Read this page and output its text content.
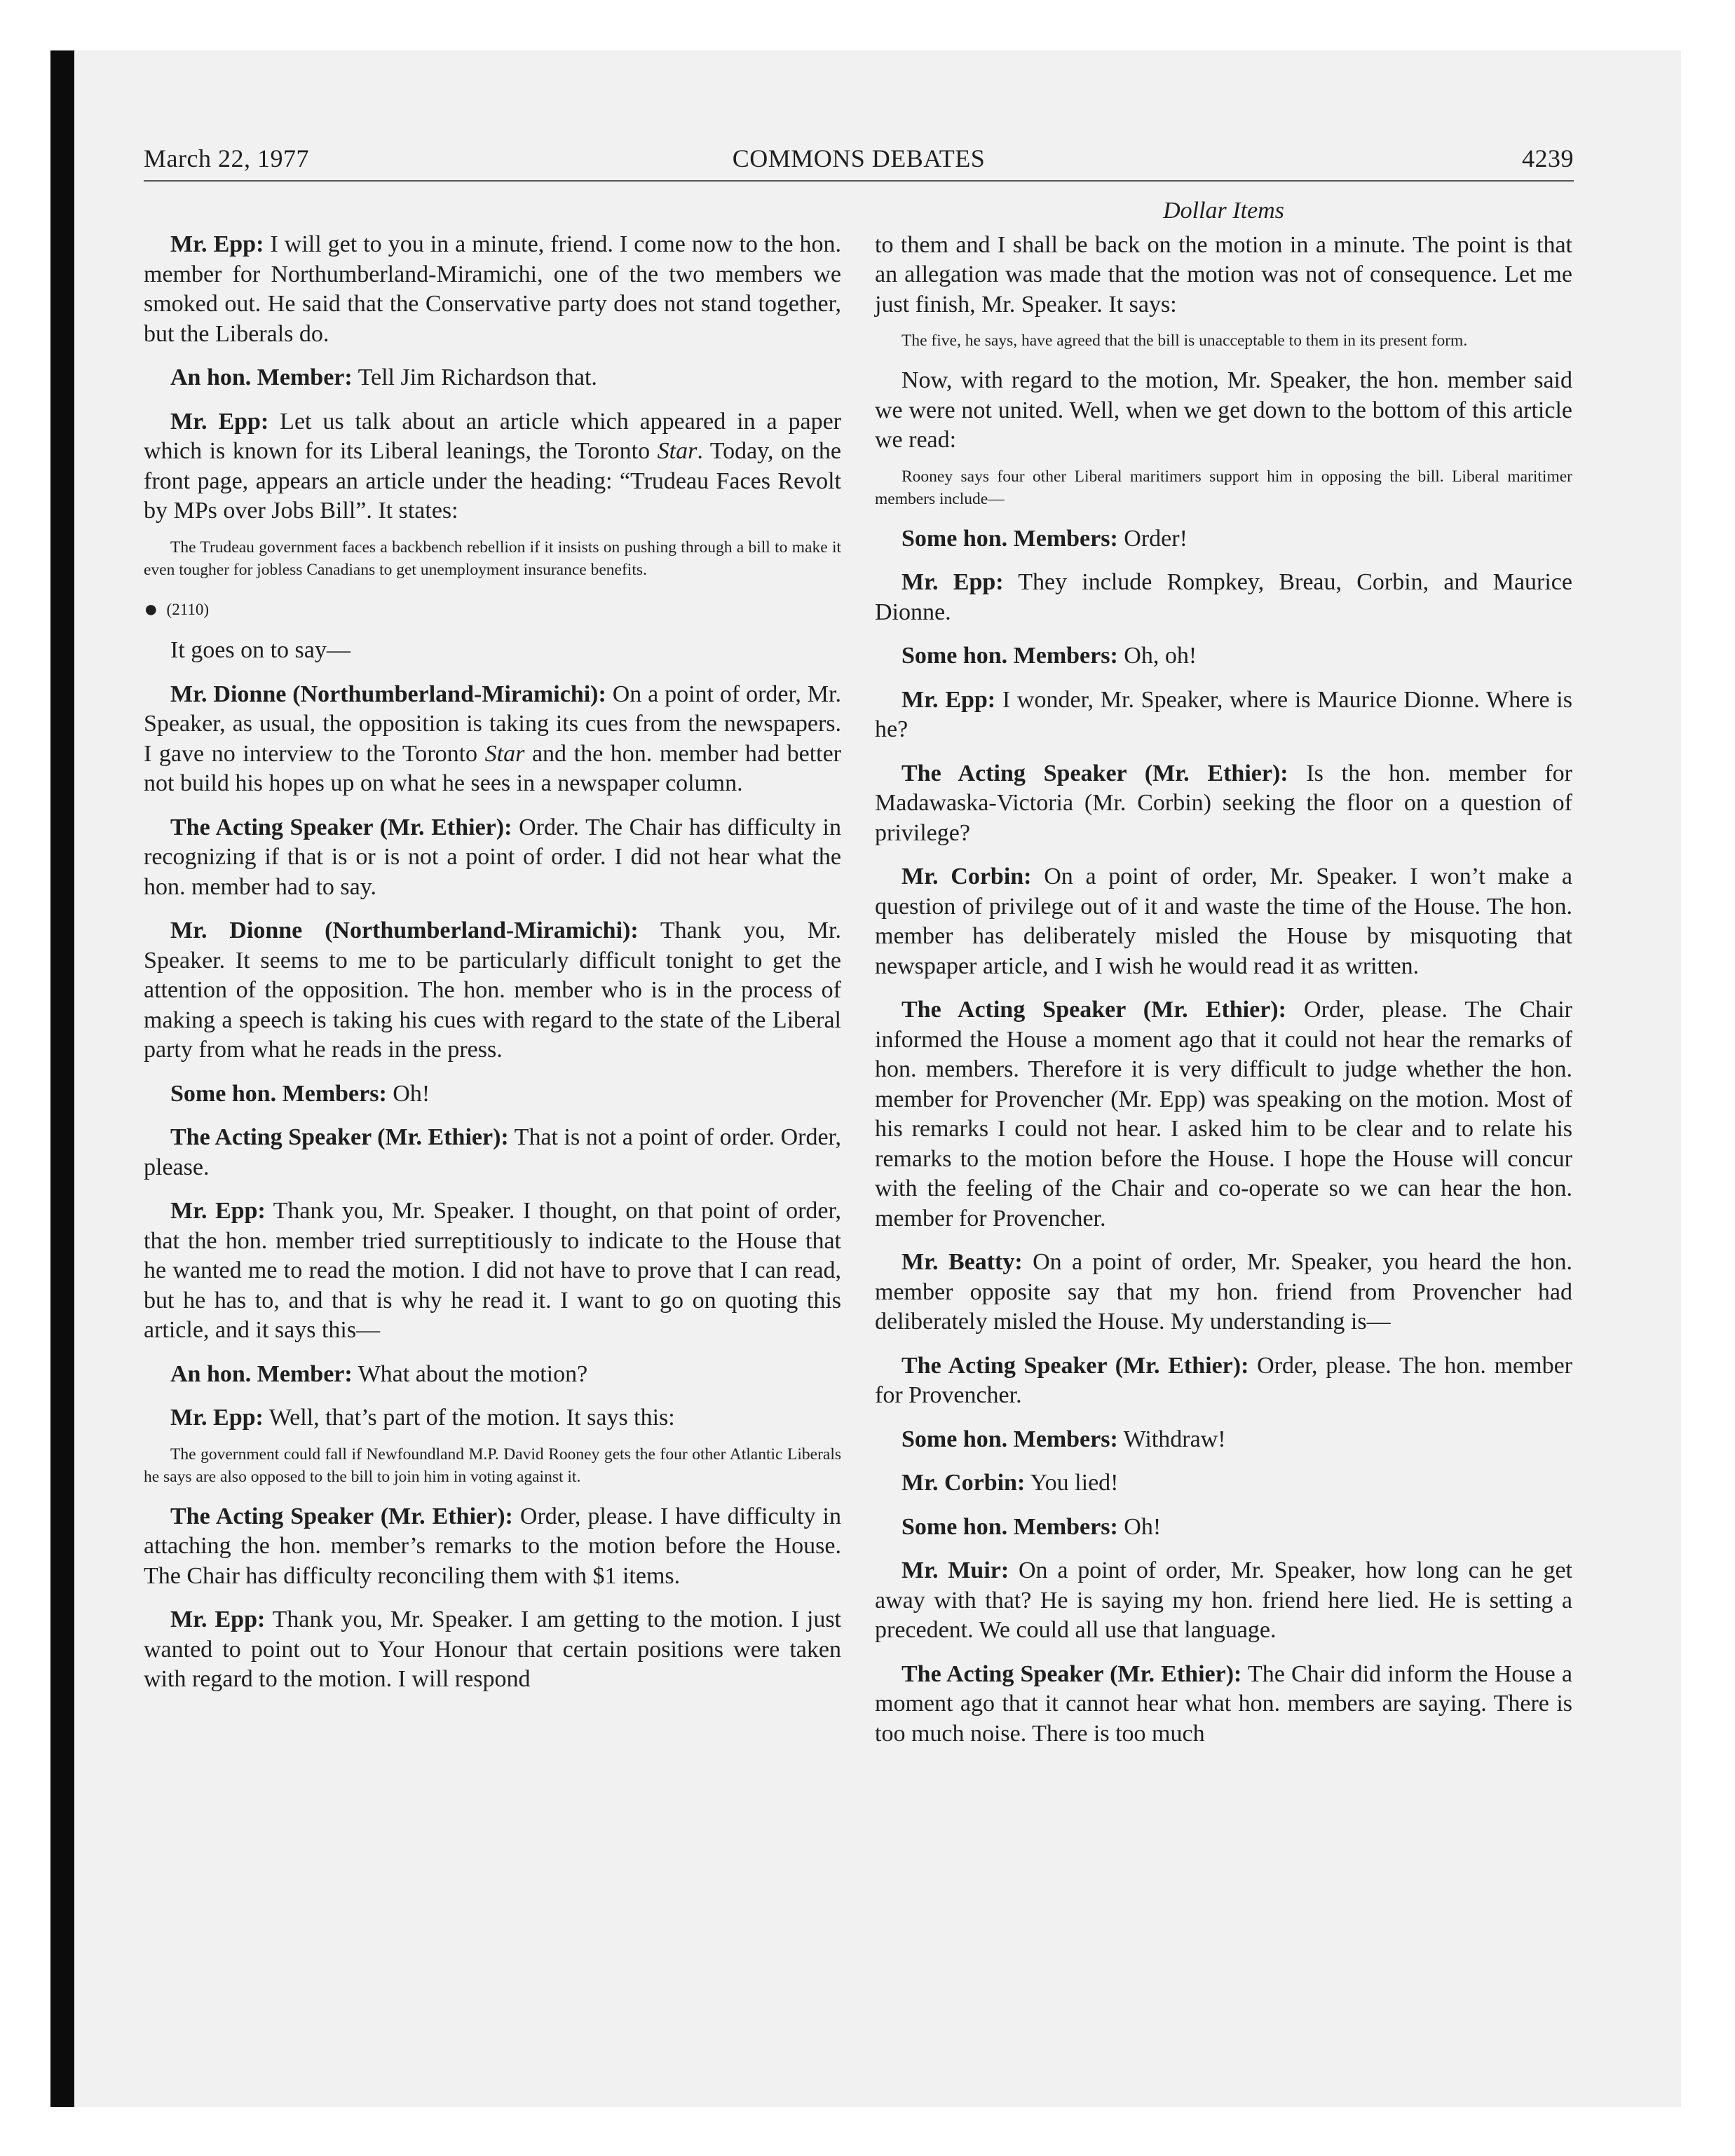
March 22, 1977	COMMONS DEBATES	4239

Mr. Epp: I will get to you in a minute, friend. I come now to the hon. member for Northumberland-Miramichi, one of the two members we smoked out. He said that the Conservative party does not stand together, but the Liberals do.

An hon. Member: Tell Jim Richardson that.

Mr. Epp: Let us talk about an article which appeared in a paper which is known for its Liberal leanings, the Toronto Star. Today, on the front page, appears an article under the heading: “Trudeau Faces Revolt by MPs over Jobs Bill”. It states:

The Trudeau government faces a backbench rebellion if it insists on pushing through a bill to make it even tougher for jobless Canadians to get unemployment insurance benefits.

● (2110)

It goes on to say—

Mr. Dionne (Northumberland-Miramichi): On a point of order, Mr. Speaker, as usual, the opposition is taking its cues from the newspapers. I gave no interview to the Toronto Star and the hon. member had better not build his hopes up on what he sees in a newspaper column.

The Acting Speaker (Mr. Ethier): Order. The Chair has difficulty in recognizing if that is or is not a point of order. I did not hear what the hon. member had to say.

Mr. Dionne (Northumberland-Miramichi): Thank you, Mr. Speaker. It seems to me to be particularly difficult tonight to get the attention of the opposition. The hon. member who is in the process of making a speech is taking his cues with regard to the state of the Liberal party from what he reads in the press.

Some hon. Members: Oh!

The Acting Speaker (Mr. Ethier): That is not a point of order. Order, please.

Mr. Epp: Thank you, Mr. Speaker. I thought, on that point of order, that the hon. member tried surreptitiously to indicate to the House that he wanted me to read the motion. I did not have to prove that I can read, but he has to, and that is why he read it. I want to go on quoting this article, and it says this—

An hon. Member: What about the motion?

Mr. Epp: Well, that’s part of the motion. It says this:

The government could fall if Newfoundland M.P. David Rooney gets the four other Atlantic Liberals he says are also opposed to the bill to join him in voting against it.

The Acting Speaker (Mr. Ethier): Order, please. I have difficulty in attaching the hon. member’s remarks to the motion before the House. The Chair has difficulty reconciling them with $1 items.

Mr. Epp: Thank you, Mr. Speaker. I am getting to the motion. I just wanted to point out to Your Honour that certain positions were taken with regard to the motion. I will respond

Dollar Items

to them and I shall be back on the motion in a minute. The point is that an allegation was made that the motion was not of consequence. Let me just finish, Mr. Speaker. It says:

The five, he says, have agreed that the bill is unacceptable to them in its present form.

Now, with regard to the motion, Mr. Speaker, the hon. member said we were not united. Well, when we get down to the bottom of this article we read:

Rooney says four other Liberal maritimers support him in opposing the bill. Liberal maritimer members include—

Some hon. Members: Order!

Mr. Epp: They include Rompkey, Breau, Corbin, and Maurice Dionne.

Some hon. Members: Oh, oh!

Mr. Epp: I wonder, Mr. Speaker, where is Maurice Dionne. Where is he?

The Acting Speaker (Mr. Ethier): Is the hon. member for Madawaska-Victoria (Mr. Corbin) seeking the floor on a question of privilege?

Mr. Corbin: On a point of order, Mr. Speaker. I won’t make a question of privilege out of it and waste the time of the House. The hon. member has deliberately misled the House by misquoting that newspaper article, and I wish he would read it as written.

The Acting Speaker (Mr. Ethier): Order, please. The Chair informed the House a moment ago that it could not hear the remarks of hon. members. Therefore it is very difficult to judge whether the hon. member for Provencher (Mr. Epp) was speaking on the motion. Most of his remarks I could not hear. I asked him to be clear and to relate his remarks to the motion before the House. I hope the House will concur with the feeling of the Chair and co-operate so we can hear the hon. member for Provencher.

Mr. Beatty: On a point of order, Mr. Speaker, you heard the hon. member opposite say that my hon. friend from Provencher had deliberately misled the House. My understanding is—

The Acting Speaker (Mr. Ethier): Order, please. The hon. member for Provencher.

Some hon. Members: Withdraw!

Mr. Corbin: You lied!

Some hon. Members: Oh!

Mr. Muir: On a point of order, Mr. Speaker, how long can he get away with that? He is saying my hon. friend here lied. He is setting a precedent. We could all use that language.

The Acting Speaker (Mr. Ethier): The Chair did inform the House a moment ago that it cannot hear what hon. members are saying. There is too much noise. There is too much
